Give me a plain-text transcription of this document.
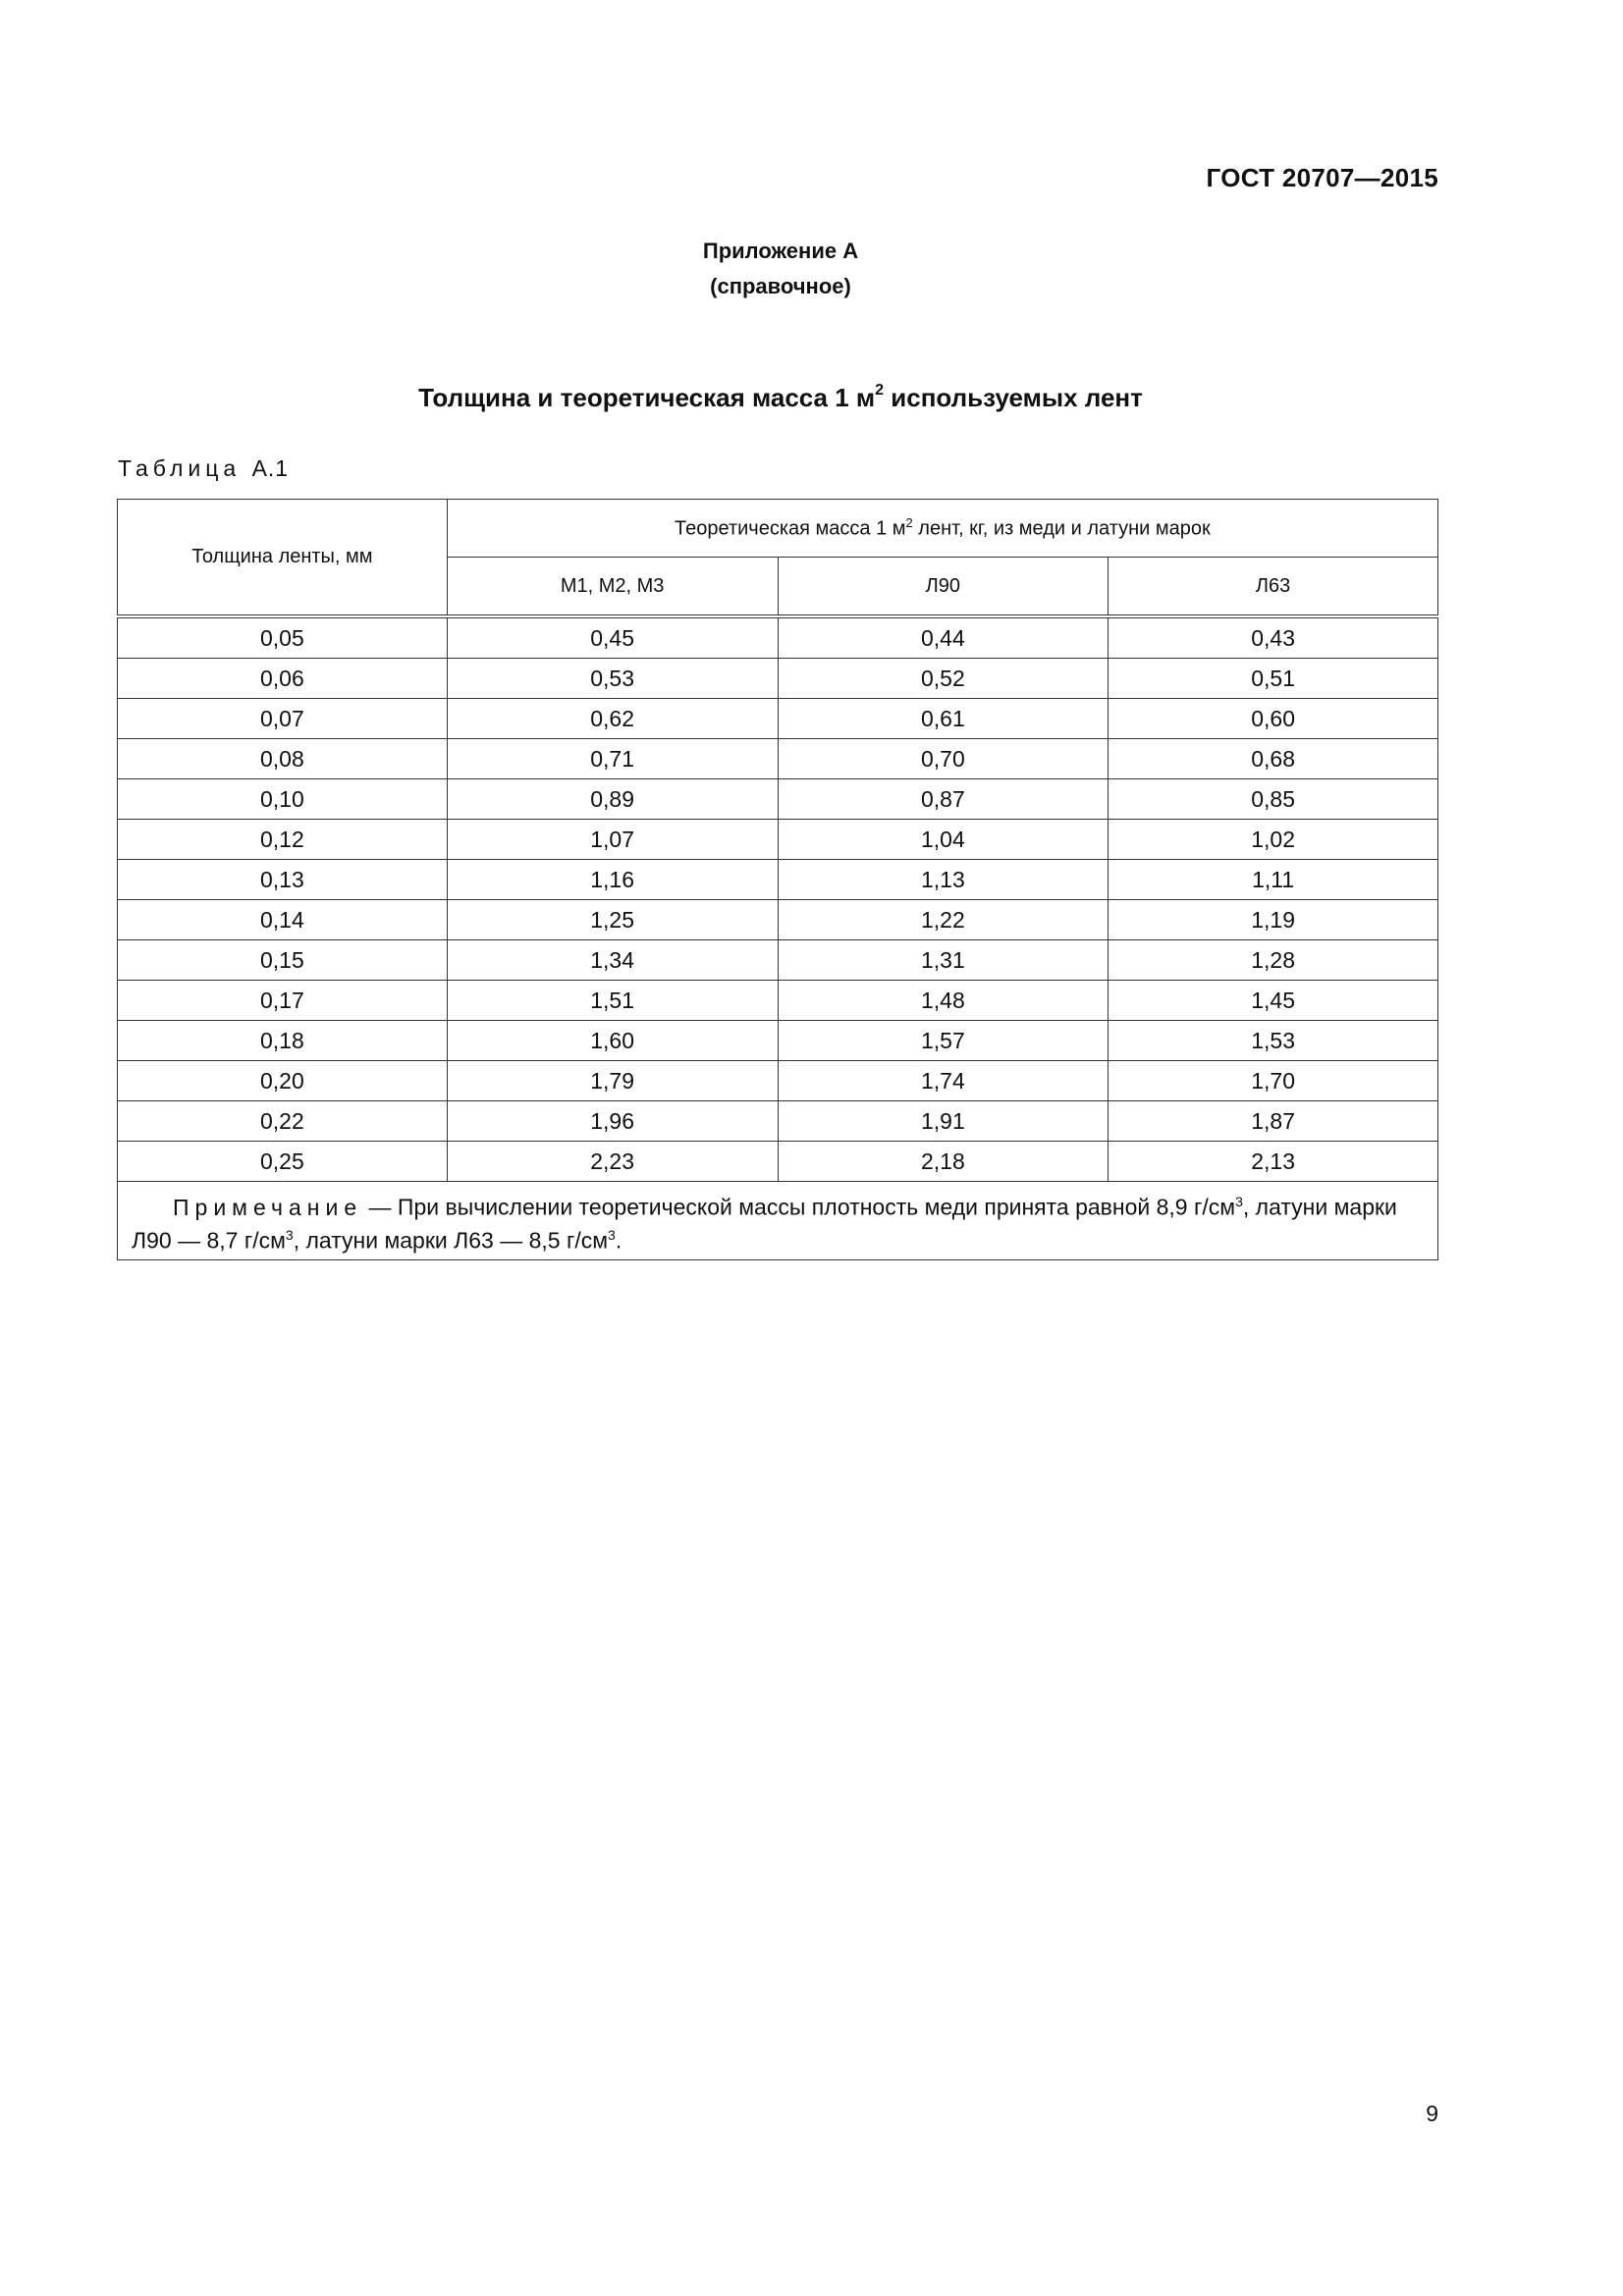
ГОСТ 20707—2015
Приложение А
(справочное)
Толщина и теоретическая масса 1 $м^2$ используемых лент
Таблица А.1
Толщина ленты, мм	Теоретическая масса 1 $м^2$ лент, кг, из меди и латуни марок		
	М1, М2, М3	Л90	Л63
0,05	0,45	0,44	0,43
0,06	0,53	0,52	0,51
0,07	0,62	0,61	0,60
0,08	0,71	0,70	0,68
0,10	0,89	0,87	0,85
0,12	1,07	1,04	1,02
0,13	1,16	1,13	1,11
0,14	1,25	1,22	1,19
0,15	1,34	1,31	1,28
0,17	1,51	1,48	1,45
0,18	1,60	1,57	1,53
0,20	1,79	1,74	1,70
0,22	1,96	1,91	1,87
0,25	2,23	2,18	2,13
Примечание — При вычислении теоретической массы плотность меди принята равной 8,9 $г/см^3$, латуни марки Л90 — 8,7 $г/см^3$, латуни марки Л63 — 8,5 $г/см^3$.			
9
